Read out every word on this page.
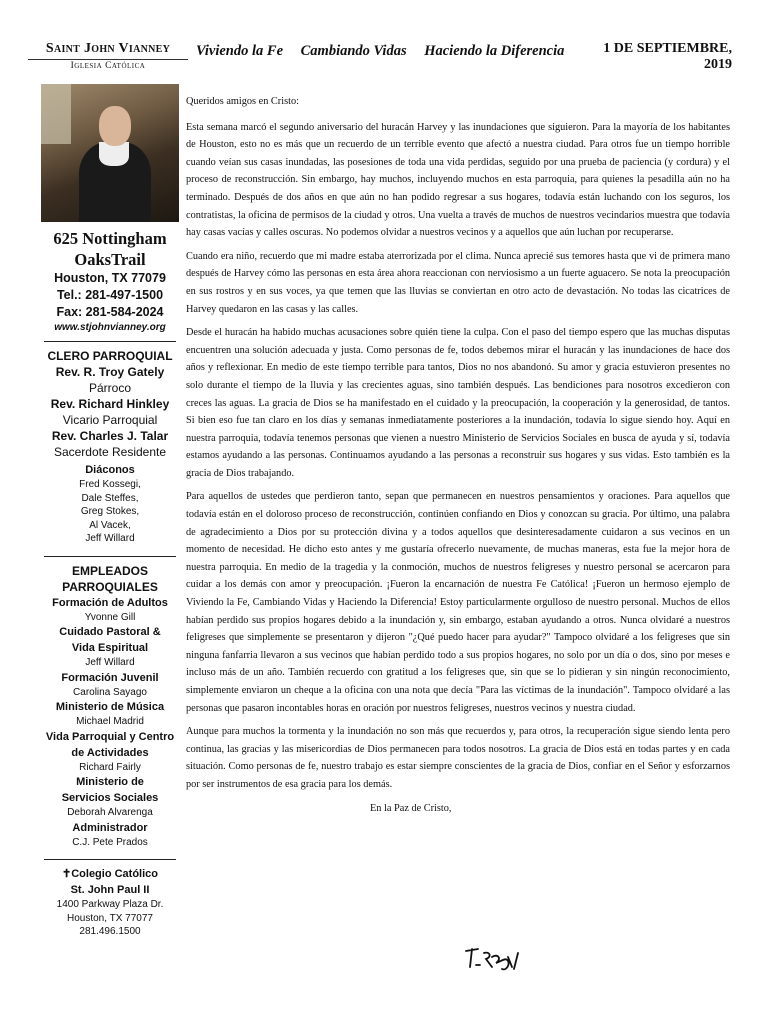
Saint John Vianney
Iglesia Católica
Viviendo la Fe Cambiando Vidas Haciendo la Diferencia	1 DE SEPTIEMBRE, 2019
625 Nottingham OaksTrail
Houston, TX 77079
Tel.: 281-497-1500
Fax: 281-584-2024
www.stjohnvianney.org
CLERO PARROQUIAL
Rev. R. Troy Gately
Párroco
Rev. Richard Hinkley
Vicario Parroquial
Rev. Charles J. Talar
Sacerdote Residente
Diáconos
Fred Kossegi,
Dale Steffes,
Greg Stokes,
Al Vacek,
Jeff Willard
EMPLEADOS
PARROQUIALES
Formación de Adultos
Yvonne Gill
Cuidado Pastoral & Vida Espiritual
Jeff Willard
Formación Juvenil
Carolina Sayago
Ministerio de Música
Michael Madrid
Vida Parroquial y Centro de Actividades
Richard Fairly
Ministerio de Servicios Sociales
Deborah Alvarenga
Administrador
C.J. Pete Prados
✝Colegio Católico
St. John Paul II
1400 Parkway Plaza Dr.
Houston, TX 77077
281.496.1500

Queridos amigos en Cristo:

Esta semana marcó el segundo aniversario del huracán Harvey y las inundaciones que siguieron. Para la mayoría de los habitantes de Houston, esto no es más que un recuerdo de un terrible evento que afectó a nuestra ciudad. Para otros fue un tiempo horrible cuando veían sus casas inundadas, las posesiones de toda una vida perdidas, seguido por una prueba de paciencia (y cordura) y el proceso de reconstrucción. Sin embargo, hay muchos, incluyendo muchos en esta parroquia, para quienes la pesadilla aún no ha terminado. Después de dos años en que aún no han podido regresar a sus hogares, todavía están luchando con los seguros, los contratistas, la oficina de permisos de la ciudad y otros. Una vuelta a través de muchos de nuestros vecindarios muestra que todavía hay casas vacías y calles oscuras. No podemos olvidar a nuestros vecinos y a aquellos que aún luchan por recuperarse.

Cuando era niño, recuerdo que mi madre estaba aterrorizada por el clima. Nunca aprecié sus temores hasta que vi de primera mano después de Harvey cómo las personas en esta área ahora reaccionan con nerviosismo a un fuerte aguacero. Se nota la preocupación en sus rostros y en sus voces, ya que temen que las lluvias se conviertan en otro acto de devastación. No todas las cicatrices de Harvey quedaron en las casas y las calles.

Desde el huracán ha habido muchas acusaciones sobre quién tiene la culpa. Con el paso del tiempo espero que las muchas disputas encuentren una solución adecuada y justa. Como personas de fe, todos debemos mirar el huracán y las inundaciones de hace dos años y reflexionar. En medio de este tiempo terrible para tantos, Dios no nos abandonó. Su amor y gracia estuvieron presentes no solo durante el tiempo de la lluvia y las crecientes aguas, sino también después. Las bendiciones para nosotros excedieron con creces las aguas. La gracia de Dios se ha manifestado en el cuidado y la preocupación, la cooperación y la generosidad, de tantos. Si bien eso fue tan claro en los días y semanas inmediatamente posteriores a la inundación, todavía lo sigue siendo hoy. Aquí en nuestra parroquia, todavía tenemos personas que vienen a nuestro Ministerio de Servicios Sociales en busca de ayuda y sí, todavía estamos ayudando a las personas. Continuamos ayudando a las personas a reconstruir sus hogares y sus vidas. Esto también es la gracia de Dios trabajando.

Para aquellos de ustedes que perdieron tanto, sepan que permanecen en nuestros pensamientos y oraciones. Para aquellos que todavía están en el doloroso proceso de reconstrucción, continúen confiando en Dios y conozcan su gracia. Por último, una palabra de agradecimiento a Dios por su protección divina y a todos aquellos que desinteresadamente cuidaron a sus vecinos en un momento de necesidad. He dicho esto antes y me gustaría ofrecerlo nuevamente, de muchas maneras, esta fue la mejor hora de nuestra parroquia. En medio de la tragedia y la conmoción, muchos de nuestros feligreses y nuestro personal se acercaron para cuidar a los demás con amor y preocupación. ¡Fueron la encarnación de nuestra Fe Católica! ¡Fueron un hermoso ejemplo de Viviendo la Fe, Cambiando Vidas y Haciendo la Diferencia! Estoy particularmente orgulloso de nuestro personal. Muchos de ellos habían perdido sus propios hogares debido a la inundación y, sin embargo, estaban ayudando a otros. Nunca olvidaré a nuestros feligreses que simplemente se presentaron y dijeron "¿Qué puedo hacer para ayudar?" Tampoco olvidaré a los feligreses que sin ninguna fanfarria llevaron a sus vecinos que habían perdido todo a sus propios hogares, no solo por un día o dos, sino por meses e incluso más de un año. También recuerdo con gratitud a los feligreses que, sin que se lo pidieran y sin ningún reconocimiento, simplemente enviaron un cheque a la oficina con una nota que decía "Para las víctimas de la inundación". Tampoco olvidaré a las personas que pasaron incontables horas en oración por nuestros feligreses, nuestros vecinos y nuestra ciudad.

Aunque para muchos la tormenta y la inundación no son más que recuerdos y, para otros, la recuperación sigue siendo lenta pero continua, las gracias y las misericordias de Dios permanecen para todos nosotros. La gracia de Dios está en todas partes y en cada situación. Como personas de fe, nuestro trabajo es estar siempre conscientes de la gracia de Dios, confiar en el Señor y esforzarnos por ser instrumentos de esa gracia para los demás.

En la Paz de Cristo,
